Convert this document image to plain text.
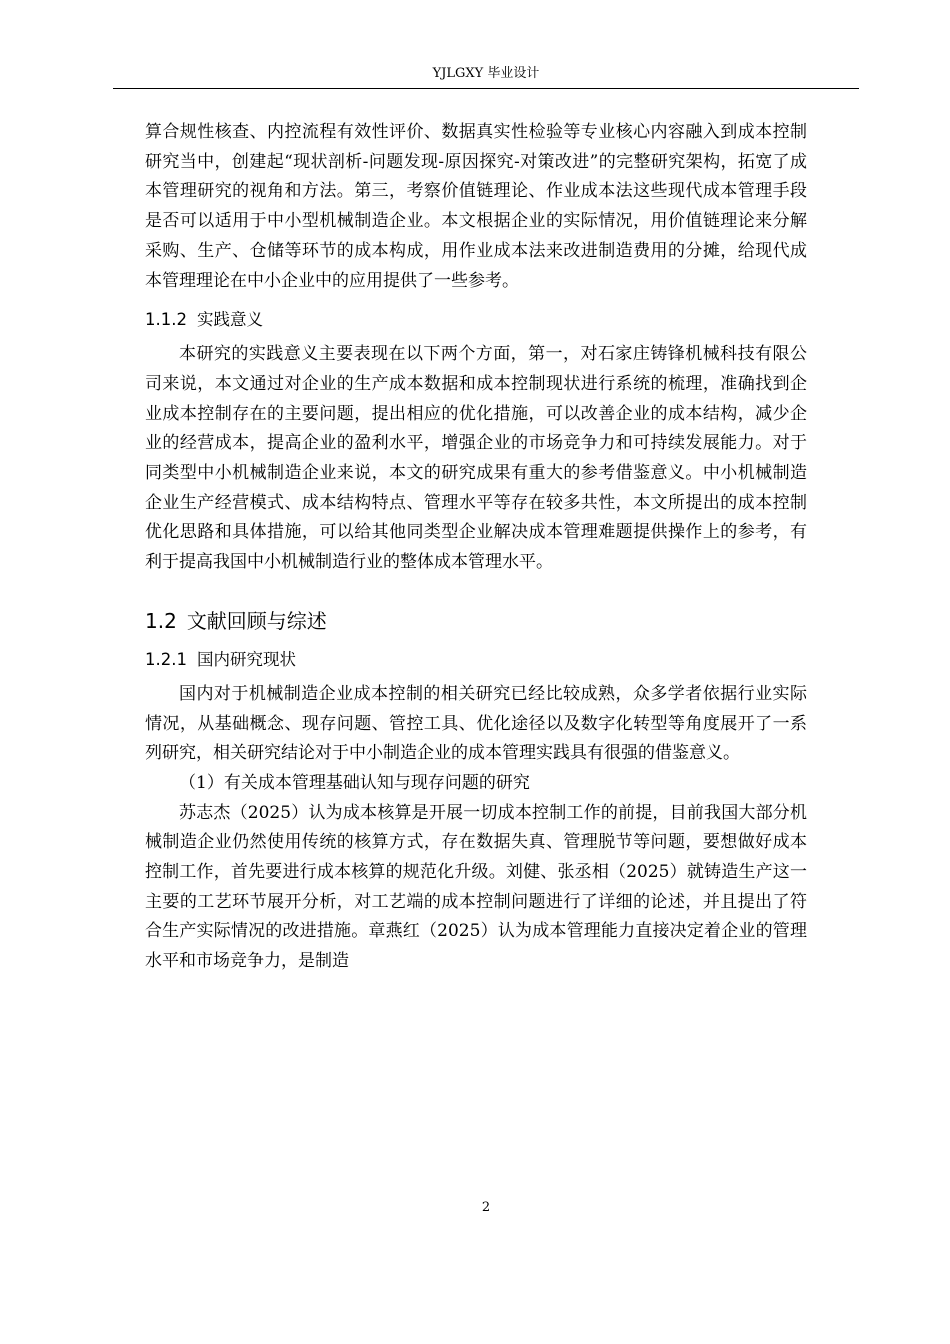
YJLGXY 毕业设计

算合规性核查、内控流程有效性评价、数据真实性检验等专业核心内容融入到成本控制研究当中，创建起“现状剖析-问题发现-原因探究-对策改进”的完整研究架构，拓宽了成本管理研究的视角和方法。第三，考察价值链理论、作业成本法这些现代成本管理手段是否可以适用于中小型机械制造企业。本文根据企业的实际情况，用价值链理论来分解采购、生产、仓储等环节的成本构成，用作业成本法来改进制造费用的分摊，给现代成本管理理论在中小企业中的应用提供了一些参考。

1.1.2 实践意义

本研究的实践意义主要表现在以下两个方面，第一，对石家庄铸锋机械科技有限公司来说，本文通过对企业的生产成本数据和成本控制现状进行系统的梳理，准确找到企业成本控制存在的主要问题，提出相应的优化措施，可以改善企业的成本结构，减少企业的经营成本，提高企业的盈利水平，增强企业的市场竞争力和可持续发展能力。对于同类型中小机械制造企业来说，本文的研究成果有重大的参考借鉴意义。中小机械制造企业生产经营模式、成本结构特点、管理水平等存在较多共性，本文所提出的成本控制优化思路和具体措施，可以给其他同类型企业解决成本管理难题提供操作上的参考，有利于提高我国中小机械制造行业的整体成本管理水平。

1.2 文献回顾与综述
1.2.1 国内研究现状

国内对于机械制造企业成本控制的相关研究已经比较成熟，众多学者依据行业实际情况，从基础概念、现存问题、管控工具、优化途径以及数字化转型等角度展开了一系列研究，相关研究结论对于中小制造企业的成本管理实践具有很强的借鉴意义。

（1）有关成本管理基础认知与现存问题的研究

苏志杰（2025）认为成本核算是开展一切成本控制工作的前提，目前我国大部分机械制造企业仍然使用传统的核算方式，存在数据失真、管理脱节等问题，要想做好成本控制工作，首先要进行成本核算的规范化升级。刘健、张丞相（2025）就铸造生产这一主要的工艺环节展开分析，对工艺端的成本控制问题进行了详细的论述，并且提出了符合生产实际情况的改进措施。章燕红（2025）认为成本管理能力直接决定着企业的管理水平和市场竞争力，是制造

2
